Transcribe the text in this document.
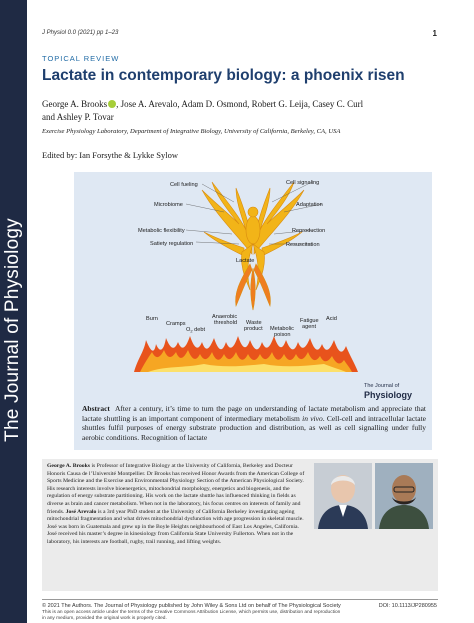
The Journal of Physiology
J Physiol 0.0 (2021) pp 1–23	1
TOPICAL REVIEW
Lactate in contemporary biology: a phoenix risen
George A. Brooks , Jose A. Arevalo, Adam D. Osmond, Robert G. Leija, Casey C. Curl
and Ashley P. Tovar
Exercise Physiology Laboratory, Department of Integrative Biology, University of California, Berkeley, CA, USA
Edited by: Ian Forsythe & Lykke Sylow
Cell fueling	Cell signaling
Microbiome	Adaptation
Metabolic flexibility	Reproduction
Satiety regulation	Resuscitation
Lactate
Burn
Cramps
$O_2$ debt
Anaerobic
threshold Waste
product Metabolic
poison
Fatigue
agent
Acid
The Journal of
Physiology
Abstract After a century, it’s time to turn the page on understanding of lactate metabolism and appreciate that lactate shuttling is an important component of intermediary metabolism in vivo. Cell-cell and intracellular lactate shuttles fulfil purposes of energy substrate production and distribution, as well as cell signalling under fully aerobic conditions. Recognition of lactate
George A. Brooks is Professor of Integrative Biology at the University of California, Berkeley and Docteur Honoris Causa de l’Université Montpellier. Dr Brooks has received Honor Awards from the American College of Sports Medicine and the Exercise and Environmental Physiology Section of the American Physiological Society. His research interests involve bioenergetics, mitochondrial morphology, energetics and biogenesis, and the regulation of energy substrate partitioning. His work on the lactate shuttle has influenced thinking in fields as diverse as brain and cancer metabolism. When not in the laboratory, his focus centres on interests of family and friends. José Arevalo is a 3rd year PhD student at the University of California Berkeley investigating ageing mitochondrial fragmentation and what drives mitochondrial dysfunction with age progression in skeletal muscle. José was born in Guatemala and grew up in the Boyle Heights neighbourhood of East Los Angeles, California. José received his master’s degree in kinesiology from California State University Fullerton. When not in the laboratory, his interests are football, rugby, trail running, and lifting weights.
© 2021 The Authors. The Journal of Physiology published by John Wiley & Sons Ltd on behalf of The Physiological Society	DOI: 10.1113/JP280955
This is an open access article under the terms of the Creative Commons Attribution License, which permits use, distribution and reproduction in any medium, provided the original work is properly cited.
